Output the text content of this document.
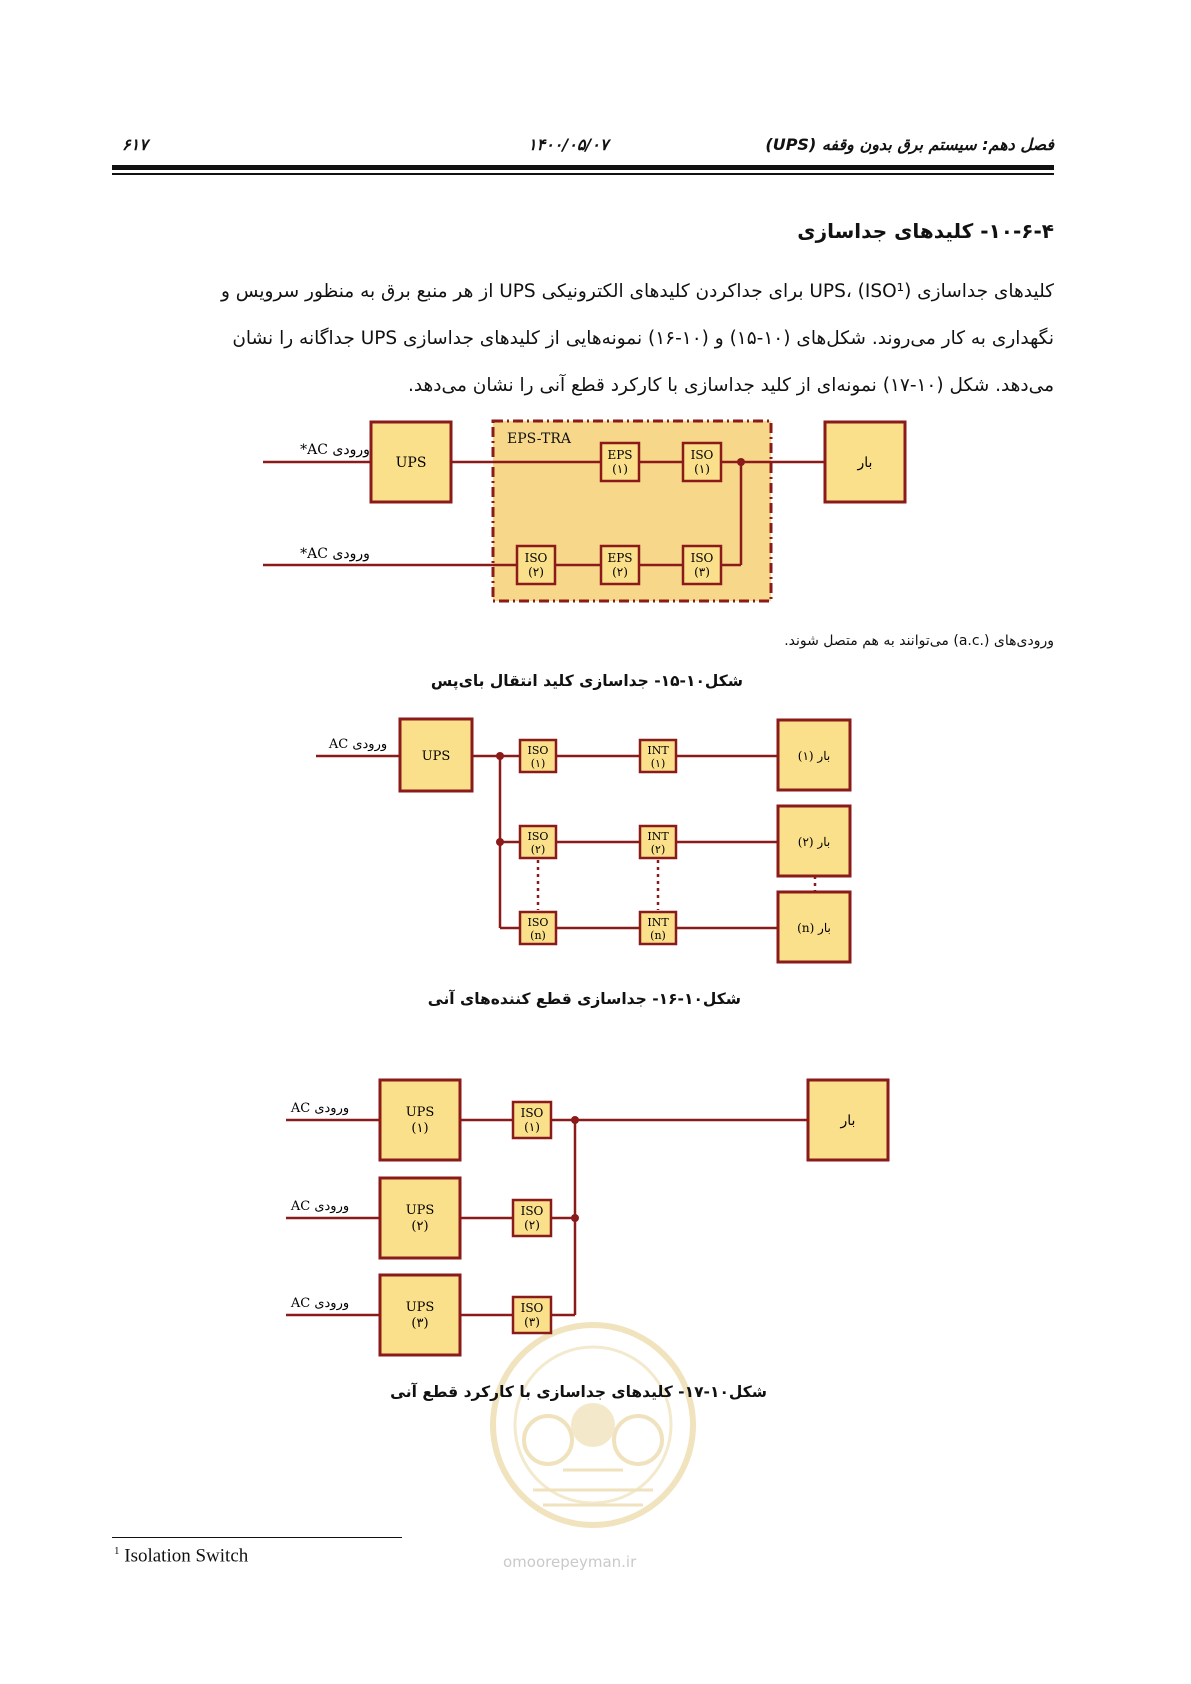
۶۱۷	۱۴۰۰/۰۵/۰۷	فصل دهم: سیستم برق بدون وقفه (UPS)
۱۰-۶-۴- کلیدهای جداسازی

کلیدهای جداسازی UPS، (ISO¹) برای جداکردن کلیدهای الکترونیکی UPS از هر منبع برق به منظور سرویس و

نگهداری به کار می‌روند. شکل‌های (۱۰-۱۵) و (۱۰-۱۶) نمونه‌هایی از کلیدهای جداسازی UPS جداگانه را نشان

می‌دهد. شکل (۱۰-۱۷) نمونه‌ای از کلید جداسازی با کارکرد قطع آنی را نشان می‌دهد.

EPS-TRA
ورودی AC*
ورودی AC*
UPS	EPS
(۱)
ISO
(۱)
ISO
(۲)
EPS
(۲)
ISO
(۳)
بار
ورودی‌های (.a.c) می‌توانند به هم متصل شوند.
شکل۱۰-۱۵- جداسازی کلید انتقال بای‌پس
ورودی AC
UPS	ISO
(۱)
INT
(۱)
بار (۱)
ISO
(۲)
INT
(۲)
بار (۲)
ISO
(n)
INT
(n)
بار (n)
شکل۱۰-۱۶- جداسازی قطع کننده‌های آنی
omoorepeyman.ir
ورودی AC
ورودی AC
ورودی AC
UPS
(۱)
UPS
(۲)
UPS
(۳)
ISO
(۱)
ISO
(۲)
ISO
(۳)
بار
شکل۱۰-۱۷- کلیدهای جداسازی با کارکرد قطع آنی
$^1$ Isolation Switch
